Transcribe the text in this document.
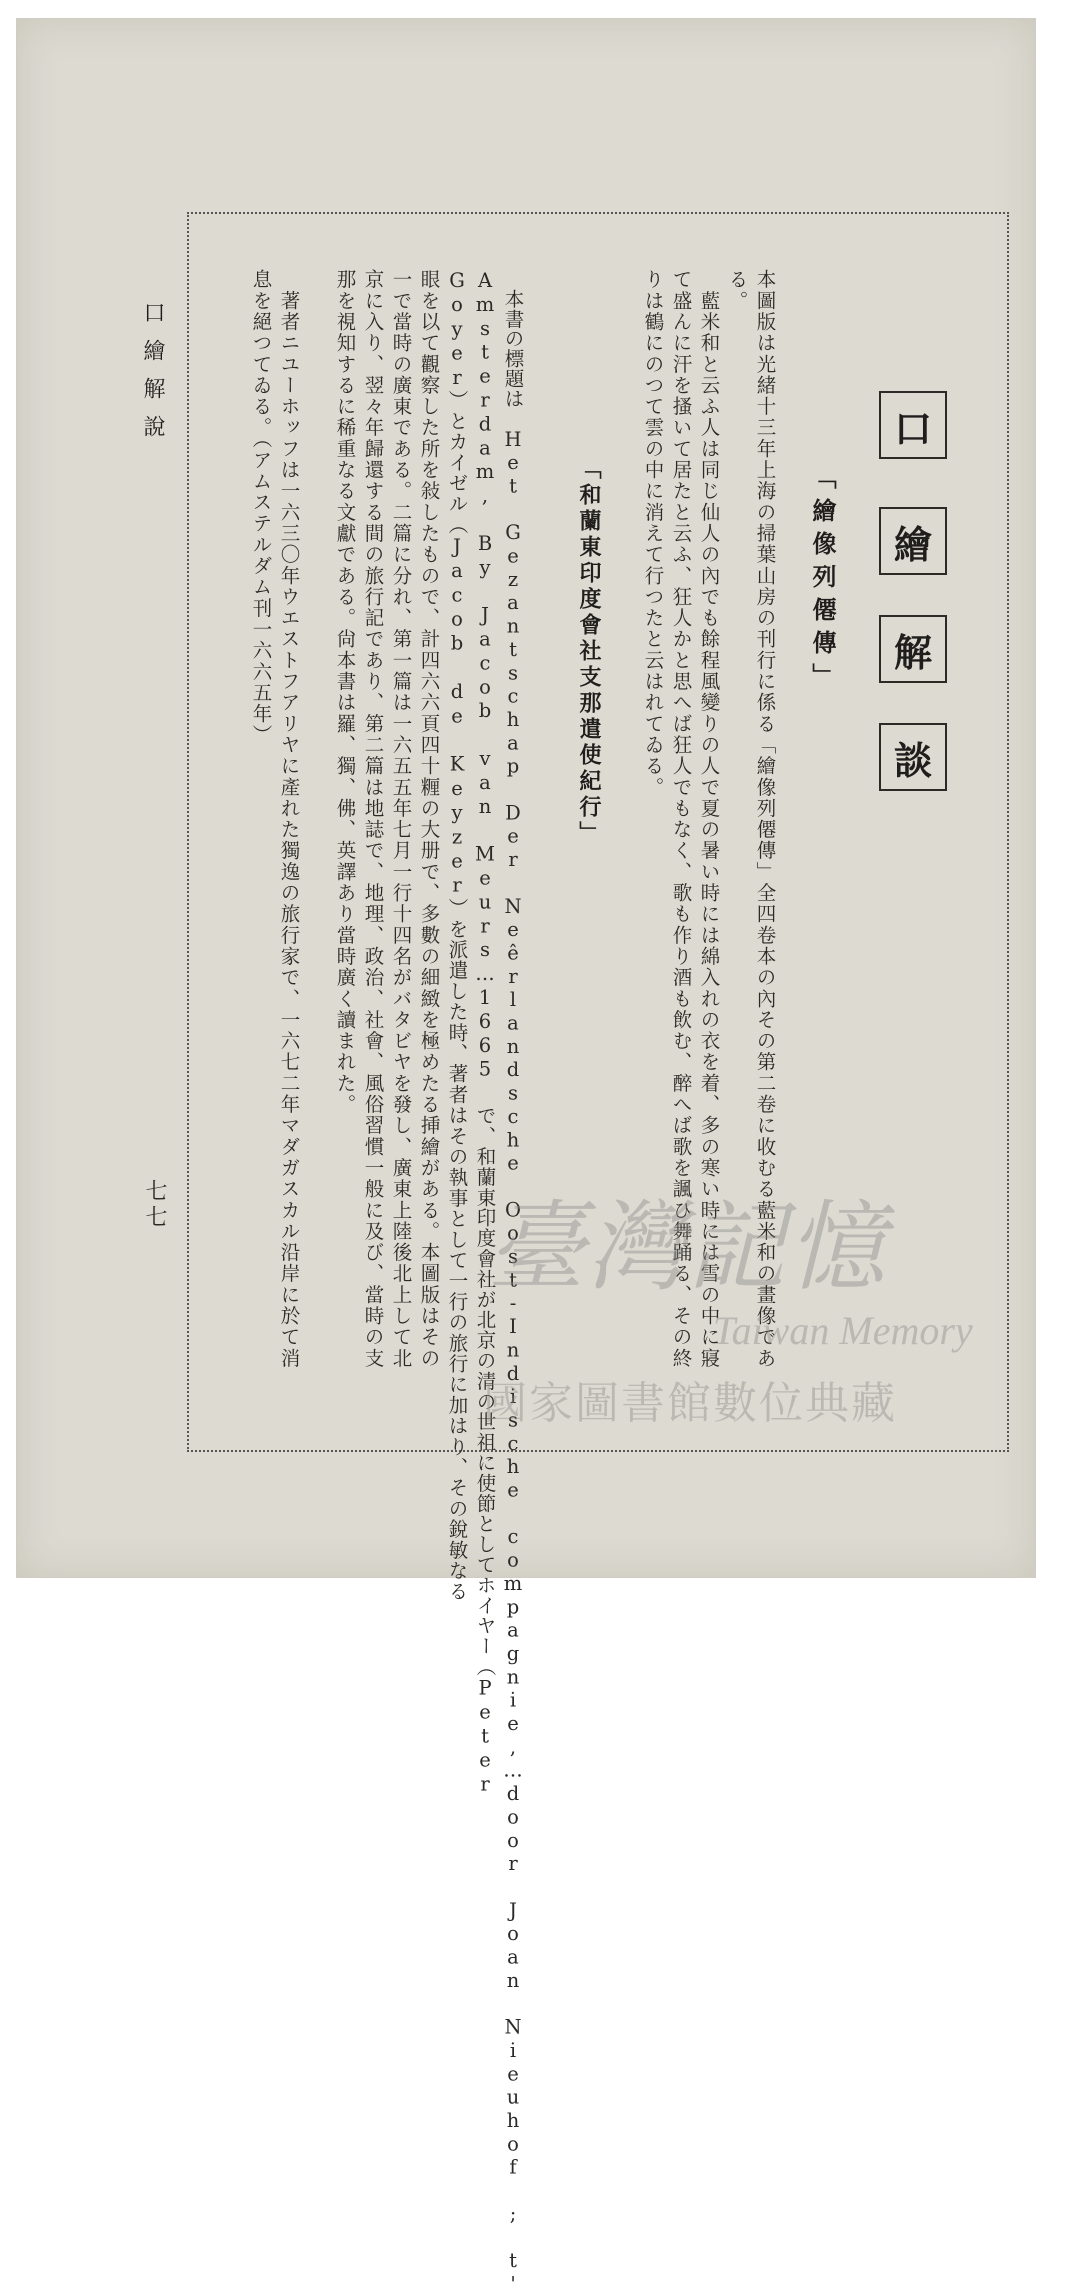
口繪解說
七七
口
繪
解
談
「繪像列僊傳」
本圖版は光緒十三年上海の掃葉山房の刊行に係る「繪像列僊傳」全四卷本の內その第二卷に收むる藍米和の畫像であ
る。
　藍米和と云ふ人は同じ仙人の內でも餘程風變りの人で夏の暑い時には綿入れの衣を着、多の寒い時には雪の中に寢
て盛んに汗を搔いて居たと云ふ、狂人かと思へば狂人でもなく、歌も作り酒も飲む、醉へば歌を諷ひ舞踊る、その終
りは鶴にのつて雲の中に消えて行つたと云はれてゐる。
「和蘭東印度會社支那遣使紀行」
　本書の標題は　Het Gezantschap Der Neêrlandsche Oost-Indische compagnie,…door Joan Nieuhof ; t'
Amsterdam, By Jacob van Meurs…1665 で、和蘭東印度會社が北京の清の世祖に使節としてホイヤー（Peter
Goyer）とカイゼル（Jacob de Keyzer）を派遣した時、著者はその執事として一行の旅行に加はり、その銳敏なる
眼を以て觀察した所を敍したもので、計四六六頁四十糎の大册で、多數の細緻を極めたる挿繪がある。本圖版はその
一で當時の廣東である。二篇に分れ、第一篇は一六五五年七月一行十四名がバタビヤを發し、廣東上陸後北上して北
京に入り、翌々年歸還する間の旅行記であり、第二篇は地誌で、地理、政治、社會、風俗習慣一般に及び、當時の支
那を視知するに稀重なる文獻である。尙本書は羅、獨、佛、英譯あり當時廣く讀まれた。
　著者ニユーホッフは一六三〇年ウエストフアリヤに產れた獨逸の旅行家で、一六七二年マダガスカル沿岸に於て消
息を絕つてゐる。（アムステルダム刊一六六五年）
臺灣記憶
Taiwan Memory
國家圖書館數位典藏
